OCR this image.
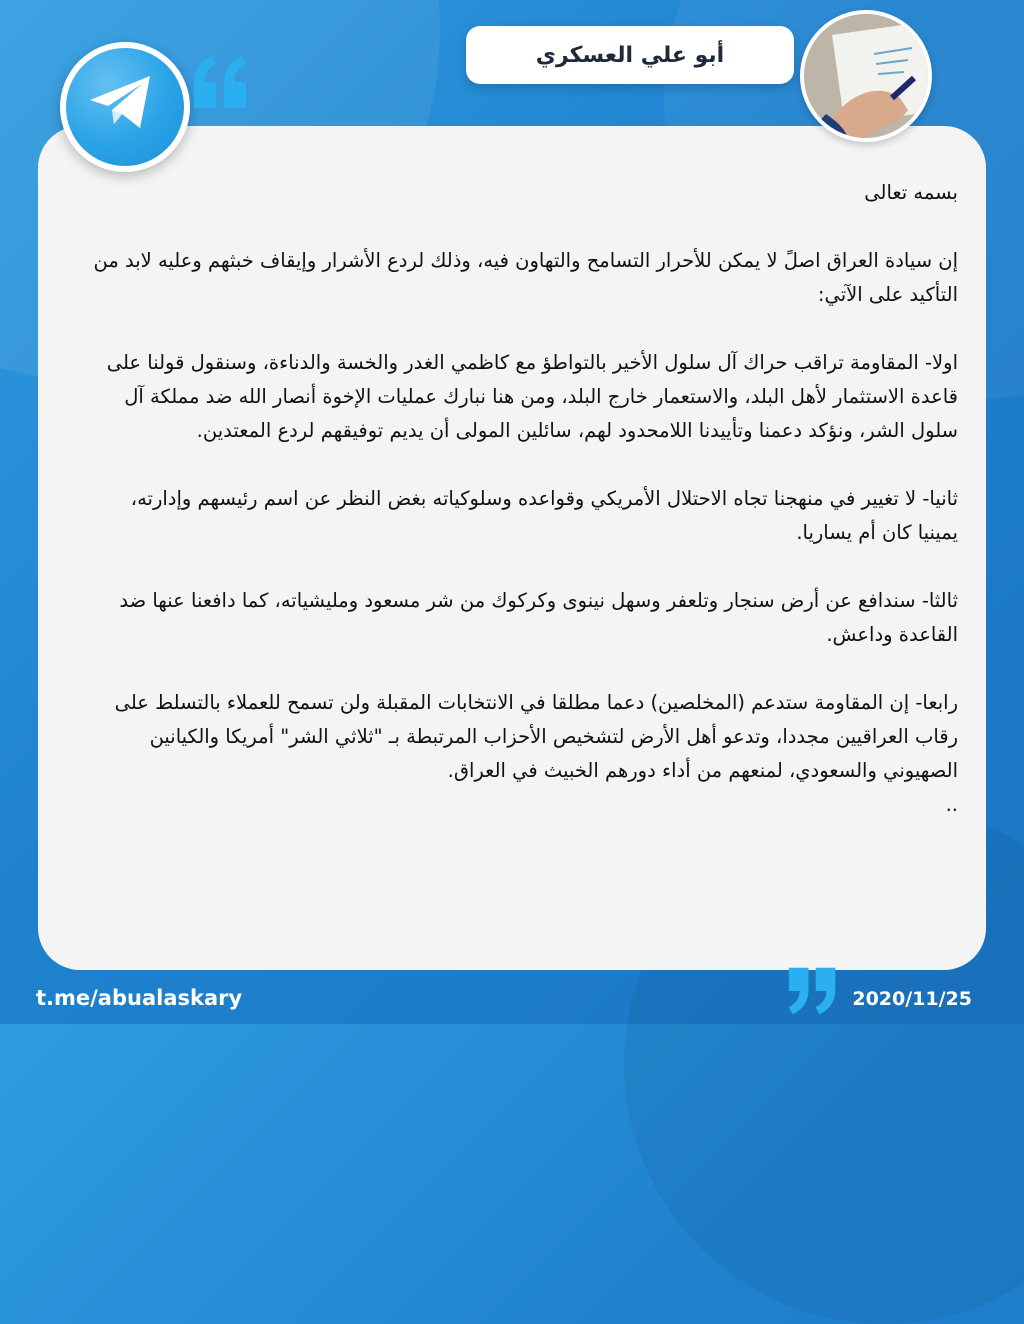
أبو علي العسكري

بسمه تعالى

إن سيادة العراق اصلً لا يمكن للأحرار التسامح والتهاون فيه، وذلك لردع الأشرار وإيقاف خبثهم وعليه لابد من التأكيد على الآتي:

اولا- المقاومة تراقب حراك آل سلول الأخير بالتواطؤ مع كاظمي الغدر والخسة والدناءة، وسنقول قولنا على قاعدة الاستثمار لأهل البلد، والاستعمار خارج البلد، ومن هنا نبارك عمليات الإخوة أنصار الله ضد مملكة آل سلول الشر، ونؤكد دعمنا وتأييدنا اللامحدود لهم، سائلين المولى أن يديم توفيقهم لردع المعتدين.

ثانيا- لا تغيير في منهجنا تجاه الاحتلال الأمريكي وقواعده وسلوكياته بغض النظر عن اسم رئيسهم وإدارته، يمينيا كان أم يساريا.

ثالثا- سندافع عن أرض سنجار وتلعفر وسهل نينوى وكركوك من شر مسعود ومليشياته، كما دافعنا عنها ضد القاعدة وداعش.

رابعا- إن المقاومة ستدعم (المخلصين) دعما مطلقا في الانتخابات المقبلة ولن تسمح للعملاء بالتسلط على رقاب العراقيين مجددا، وتدعو أهل الأرض لتشخيص الأحزاب المرتبطة بـ "ثلاثي الشر" أمريكا والكيانين الصهيوني والسعودي، لمنعهم من أداء دورهم الخبيث في العراق.

..

t.me/abualaskary	2020/11/25
